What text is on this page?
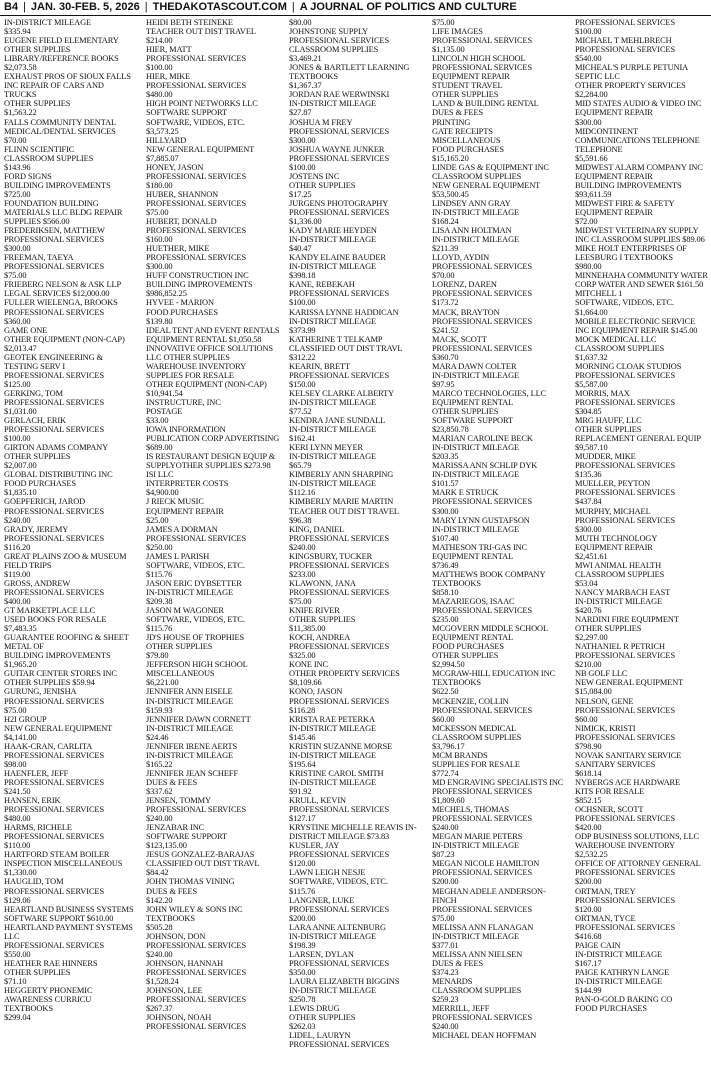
B4 | JAN. 30-FEB. 5, 2026 | THEDAKOTASCOUT.COM | A JOURNAL OF POLITICS AND CULTURE
IN-DISTRICT MILEAGE
$335.94
EUGENE FIELD ELEMENTARY OTHER SUPPLIES
LIBRARY/REFERENCE BOOKS $2,073.58
EXHAUST PROS OF SIOUX FALLS INC REPAIR OF CARS AND TRUCKS
OTHER SUPPLIES
$1,563.22
FALLS COMMUNITY DENTAL MEDICAL/DENTAL SERVICES
$70.00
FLINN SCIENTIFIC
CLASSROOM SUPPLIES
$143.96
FORD SIGNS
BUILDING IMPROVEMENTS
$725.00
FOUNDATION BUILDING MATERIALS LLC BLDG REPAIR SUPPLIES $566.00
FREDERIKSEN, MATTHEW
PROFESSIONAL SERVICES
$300.00
FREEMAN, TAEYA
PROFESSIONAL SERVICES
$75.00
FRIEBERG NELSON & ASK LLP LEGAL SERVICES $12,000.00
FULLER WIELENGA, BROOKS
PROFESSIONAL SERVICES
$360.00
GAME ONE
OTHER EQUIPMENT (NON-CAP) $2,013.47
GEOTEK ENGINEERING & TESTING SERV I
PROFESSIONAL SERVICES
$125.00
GERKING, TOM
PROFESSIONAL SERVICES
$1,031.00
GERLACH, ERIK
PROFESSIONAL SERVICES
$100.00
GIRTON ADAMS COMPANY
OTHER SUPPLIES
$2,007.00
GLOBAL DISTRIBUTING INC
FOOD PURCHASES
$1,835.10
GOEPFERICH, JAROD
PROFESSIONAL SERVICES
$240.00
GRADY, JEREMY
PROFESSIONAL SERVICES
$116.20
GREAT PLAINS ZOO & MUSEUM FIELD TRIPS
$119.00
GROSS, ANDREW
PROFESSIONAL SERVICES
$400.00
GT MARKETPLACE LLC
USED BOOKS FOR RESALE
$7,483.35
GUARANTEE ROOFING & SHEET METAL OF
BUILDING IMPROVEMENTS
$1,965.20
GUITAR CENTER STORES INC OTHER SUPPLIES $59.94
GURUNG, JENISHA
PROFESSIONAL SERVICES
$75.00
H2I GROUP
NEW GENERAL EQUIPMENT
$4,141.00
HAAK-CRAN, CARLITA
PROFESSIONAL SERVICES
$98.00
HAENFLER, JEFF
PROFESSIONAL SERVICES
$241.50
HANSEN, ERIK
PROFESSIONAL SERVICES
$480.00
HARMS, RICHELE
PROFESSIONAL SERVICES
$110.00
HARTFORD STEAM BOILER INSPECTION MISCELLANEOUS $1,330.00
HAUGLID, TOM
PROFESSIONAL SERVICES
$129.06
HEARTLAND BUSINESS SYSTEMS SOFTWARE SUPPORT $610.00
HEARTLAND PAYMENT SYSTEMS LLC
PROFESSIONAL SERVICES
$550.00
HEATHER RAE HINNERS
OTHER SUPPLIES
$71.10
HEGGERTY PHONEMIC AWARENESS CURRICU
TEXTBOOKS
$299.04
HEIDI BETH STEINEKE
TEACHER OUT DIST TRAVEL
$214.00
HIER, MATT
PROFESSIONAL SERVICES
$100.00
HIER, MIKE
PROFESSIONAL SERVICES
$480.00
HIGH POINT NETWORKS LLC
SOFTWARE SUPPORT
SOFTWARE, VIDEOS, ETC.
$3,573.25
HILLYARD
NEW GENERAL EQUIPMENT
$7,885.07
HONEY, JASON
PROFESSIONAL SERVICES
$180.00
HUBER, SHANNON
PROFESSIONAL SERVICES
$75.00
HUBERT, DONALD
PROFESSIONAL SERVICES
$160.00
HUETHER, MIKE
PROFESSIONAL SERVICES
$300.00
HUFF CONSTRUCTION INC
BUILDING IMPROVEMENTS
$986,852.25
HYVEE - MARION
FOOD PURCHASES
$139.80
IDEAL TENT AND EVENT RENTALS EQUIPMENT RENTAL $1,050.58
INNOVATIVE OFFICE SOLUTIONS LLC OTHER SUPPLIES
WAREHOUSE INVENTORY
SUPPLIES FOR RESALE
OTHER EQUIPMENT (NON-CAP) $10,941.54
INSTRUCTURE, INC
POSTAGE
$33.00
IOWA INFORMATION PUBLICATION CORP ADVERTISING $689.00
IS RESTAURANT DESIGN EQUIP & SUPPLYOTHER SUPPLIES $273.98
ISI LLC
INTERPRETER COSTS
$4,900.00
J RIECK MUSIC
EQUIPMENT REPAIR
$25.00
JAMES A DORMAN
PROFESSIONAL SERVICES
$250.00
JAMES L PARISH
SOFTWARE, VIDEOS, ETC.
$115.76
JASON ERIC DYBSETTER
IN-DISTRICT MILEAGE
$209.38
JASON M WAGONER
SOFTWARE, VIDEOS, ETC.
$115.76
JD'S HOUSE OF TROPHIES
OTHER SUPPLIES
$79.80
JEFFERSON HIGH SCHOOL
MISCELLANEOUS
$6,221.00
JENNIFER ANN EISELE
IN-DISTRICT MILEAGE
$159.93
JENNIFER DAWN CORNETT
IN-DISTRICT MILEAGE
$24.46
JENNIFER IRENE AERTS
IN-DISTRICT MILEAGE
$165.22
JENNIFER JEAN SCHEFF
DUES & FEES
$337.62
JENSEN, TOMMY
PROFESSIONAL SERVICES
$240.00
JENZABAR INC
SOFTWARE SUPPORT
$123,135.00
JESUS GONZALEZ-BARAJAS
CLASSIFIED OUT DIST TRAVL
$84.42
JOHN THOMAS VINING
DUES & FEES
$142.20
JOHN WILEY & SONS INC
TEXTBOOKS
$505.28
JOHNSON, DON
PROFESSIONAL SERVICES
$240.00
JOHNSON, HANNAH
PROFESSIONAL SERVICES
$1,528.24
JOHNSON, LEE
PROFESSIONAL SERVICES
$267.37
JOHNSON, NOAH
PROFESSIONAL SERVICES
$80.00
JOHNSTONE SUPPLY
PROFESSIONAL SERVICES
CLASSROOM SUPPLIES
$3,469.21
JONES & BARTLETT LEARNING TEXTBOOKS
$1,367.37
JORDAN RAE WERWINSKI
IN-DISTRICT MILEAGE
$27.87
JOSHUA M FREY
PROFESSIONAL SERVICES
$300.00
JOSHUA WAYNE JUNKER
PROFESSIONAL SERVICES
$100.00
JOSTENS INC
OTHER SUPPLIES
$17.25
JURGENS PHOTOGRAPHY
PROFESSIONAL SERVICES
$1,336.00
KADY MARIE HEYDEN
IN-DISTRICT MILEAGE
$40.47
KANDY ELAINE BAUDER
IN-DISTRICT MILEAGE
$398.18
KANE, REBEKAH
PROFESSIONAL SERVICES
$100.00
KARISSA LYNNE HADDICAN
IN-DISTRICT MILEAGE
$373.99
KATHERINE T TELKAMP
CLASSIFIED OUT DIST TRAVL
$312.22
KEARIN, BRETT
PROFESSIONAL SERVICES
$150.00
KELSEY CLARKE ALBERTY
IN-DISTRICT MILEAGE
$77.52
KENDRA JANE SUNDALL
IN-DISTRICT MILEAGE
$162.41
KERI LYNN MEYER
IN-DISTRICT MILEAGE
$65.79
KIMBERLY ANN SHARPING
IN-DISTRICT MILEAGE
$112.16
KIMBERLY MARIE MARTIN
TEACHER OUT DIST TRAVEL
$96.38
KING, DANIEL
PROFESSIONAL SERVICES
$240.00
KINGSBURY, TUCKER
PROFESSIONAL SERVICES
$233.00
KLAWONN, JANA
PROFESSIONAL SERVICES
$75.00
KNIFE RIVER
OTHER SUPPLIES
$11,385.00
KOCH, ANDREA
PROFESSIONAL SERVICES
$325.00
KONE INC
OTHER PROPERTY SERVICES
$8,109.66
KONO, JASON
PROFESSIONAL SERVICES
$116.28
KRISTA RAE PETERKA
IN-DISTRICT MILEAGE
$145.46
KRISTIN SUZANNE MORSE
IN-DISTRICT MILEAGE
$195.64
KRISTINE CAROL SMITH
IN-DISTRICT MILEAGE
$91.92
KRULL, KEVIN
PROFESSIONAL SERVICES
$127.17
KRYSTINE MICHELLE REAVIS IN-DISTRICT MILEAGE $73.83
KUSLER, JAY
PROFESSIONAL SERVICES
$120.00
LAWN LEIGH NESJE
SOFTWARE, VIDEOS, ETC.
$115.76
LANGNER, LUKE
PROFESSIONAL SERVICES
$200.00
LARA ANNE ALTENBURG
IN-DISTRICT MILEAGE
$198.39
LARSEN, DYLAN
PROFESSIONAL SERVICES
$350.00
LAURA ELIZABETH BIGGINS
IN-DISTRICT MILEAGE
$250.78
LEWIS DRUG
OTHER SUPPLIES
$262.03
LIDEL, LAURYN
PROFESSIONAL SERVICES
$75.00
LIFE IMAGES
PROFESSIONAL SERVICES
$1,135.00
LINCOLN HIGH SCHOOL
PROFESSIONAL SERVICES
EQUIPMENT REPAIR
STUDENT TRAVEL
OTHER SUPPLIES
LAND & BUILDING RENTAL
DUES & FEES
PRINTING
GATE RECEIPTS
MISCELLANEOUS
FOOD PURCHASES
$15,165.20
LINDE GAS & EQUIPMENT INC CLASSROOM SUPPLIES
NEW GENERAL EQUIPMENT
$53,500.45
LINDSEY ANN GRAY
IN-DISTRICT MILEAGE
$168.24
LISA ANN HOLTMAN
IN-DISTRICT MILEAGE
$211.39
LLOYD, AYDIN
PROFESSIONAL SERVICES
$70.00
LORENZ, DAREN
PROFESSIONAL SERVICES
$173.72
MACK, BRAYTON
PROFESSIONAL SERVICES
$241.52
MACK, SCOTT
PROFESSIONAL SERVICES
$360.70
MARA DAWN COLTER
IN-DISTRICT MILEAGE
$97.95
MARCO TECHNOLOGIES, LLC
EQUIPMENT RENTAL
OTHER SUPPLIES
SOFTWARE SUPPORT
$23,850.78
MARIAN CAROLINE BECK
IN-DISTRICT MILEAGE
$203.35
MARISSA ANN SCHLIP DYK
IN-DISTRICT MILEAGE
$101.57
MARK E STRUCK
PROFESSIONAL SERVICES
$300.00
MARY LYNN GUSTAFSON
IN-DISTRICT MILEAGE
$107.40
MATHESON TRI-GAS INC
EQUIPMENT RENTAL
$736.49
MATTHEWS BOOK COMPANY TEXTBOOKS
$858.10
MAZARIEGOS, ISAAC
PROFESSIONAL SERVICES
$235.00
MCGOVERN MIDDLE SCHOOL EQUIPMENT RENTAL
FOOD PURCHASES
OTHER SUPPLIES
$2,994.50
MCGRAW-HILL EDUCATION INC TEXTBOOKS
$622.50
MCKENZIE, COLLIN
PROFESSIONAL SERVICES
$60.00
MCKESSON MEDICAL
CLASSROOM SUPPLIES
$3,796.17
MCM BRANDS
SUPPLIES FOR RESALE
$772.74
MD ENGRAVING SPECIALISTS INC PROFESSIONAL SERVICES $1,809.60
MECHELS, THOMAS
PROFESSIONAL SERVICES
$240.00
MEGAN MARIE PETERS
IN-DISTRICT MILEAGE
$87.23
MEGAN NICOLE HAMILTON
PROFESSIONAL SERVICES
$200.00
MEGHAN ADELE ANDERSON-FINCH
PROFESSIONAL SERVICES
$75.00
MELISSA ANN FLANAGAN
IN-DISTRICT MILEAGE
$377.01
MELISSA ANN NIELSEN
DUES & FEES
$374.23
MENARDS
CLASSROOM SUPPLIES
$259.23
MERRILL, JEFF
PROFESSIONAL SERVICES
$240.00
MICHAEL DEAN HOFFMAN
PROFESSIONAL SERVICES
$100.00
MICHAEL T MEHLBRECH
PROFESSIONAL SERVICES
$540.00
MICHEAL'S PURPLE PETUNIA SEPTIC LLC
OTHER PROPERTY SERVICES
$2,284.00
MID STATES AUDIO & VIDEO INC EQUIPMENT REPAIR
$300.00
MIDCONTINENT COMMUNICATIONS TELEPHONE
TELEPHONE
$5,591.66
MIDWEST ALARM COMPANY INC EQUIPMENT REPAIR
BUILDING IMPROVEMENTS
$93,611.59
MIDWEST FIRE & SAFETY
EQUIPMENT REPAIR
$72.00
MIDWEST VETERINARY SUPPLY INC CLASSROOM SUPPLIES $89.06
MIKE HOLT ENTERPRISES OF LEESBURG I TEXTBOOKS
$980.00
MINNEHAHA COMMUNITY WATER CORP WATER AND SEWER $161.50
MITCHELL 1
SOFTWARE, VIDEOS, ETC.
$1,664.00
MOBILE ELECTRONIC SERVICE INC EQUIPMENT REPAIR $145.00
MOCK MEDICAL LLC
CLASSROOM SUPPLIES
$1,637.32
MORNING CLOAK STUDIOS
PROFESSIONAL SERVICES
$5,587.00
MORRIS, MAX
PROFESSIONAL SERVICES
$304.85
MRG HAUFF, LLC
OTHER SUPPLIES
REPLACEMENT GENERAL EQUIP $9,587.10
MUDDER, MIKE
PROFESSIONAL SERVICES
$135.36
MUELLER, PEYTON
PROFESSIONAL SERVICES
$437.84
MURPHY, MICHAEL
PROFESSIONAL SERVICES
$300.00
MUTH TECHNOLOGY
EQUIPMENT REPAIR
$2,451.61
MWI ANIMAL HEALTH
CLASSROOM SUPPLIES
$53.04
NANCY MARBACH EAST
IN-DISTRICT MILEAGE
$420.76
NARDINI FIRE EQUIPMENT
OTHER SUPPLIES
$2,297.00
NATHANIEL R PETRICH
PROFESSIONAL SERVICES
$210.00
NB GOLF LLC
NEW GENERAL EQUIPMENT
$15,084.00
NELSON, GENE
PROFESSIONAL SERVICES
$60.00
NIMICK, KRISTI
PROFESSIONAL SERVICES
$798.90
NOVAK SANITARY SERVICE
SANITARY SERVICES
$618.14
NYBERGS ACE HARDWARE
KITS FOR RESALE
$852.15
OCHSNER, SCOTT
PROFESSIONAL SERVICES
$420.00
ODP BUSINESS SOLUTIONS, LLC WAREHOUSE INVENTORY $2,532.25
OFFICE OF ATTORNEY GENERAL
PROFESSIONAL SERVICES
$200.00
ORTMAN, TREY
PROFESSIONAL SERVICES
$120.00
ORTMAN, TYCE
PROFESSIONAL SERVICES
$416.68
PAIGE CAIN
IN-DISTRICT MILEAGE
$167.17
PAIGE KATHRYN LANGE
IN-DISTRICT MILEAGE
$144.99
PAN-O-GOLD BAKING CO
FOOD PURCHASES
